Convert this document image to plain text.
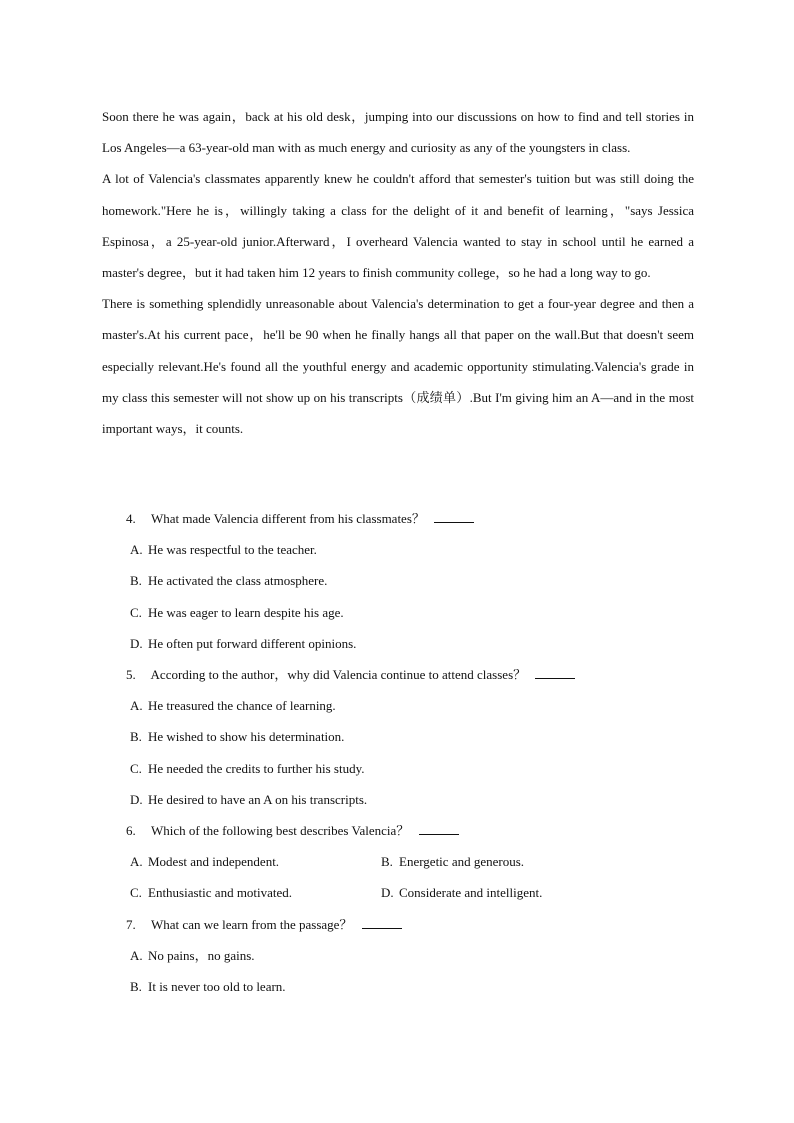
Soon there he was again，back at his old desk，jumping into our discussions on how to find and tell stories in Los Angeles—a 63-year-old man with as much energy and curiosity as any of the youngsters in class.

A lot of Valencia's classmates apparently knew he couldn't afford that semester's tuition but was still doing the homework."Here he is，willingly taking a class for the delight of it and benefit of learning，"says Jessica Espinosa，a 25-year-old junior.Afterward，I overheard Valencia wanted to stay in school until he earned a master's degree，but it had taken him 12 years to finish community college，so he had a long way to go.

There is something splendidly unreasonable about Valencia's determination to get a four-year degree and then a master's.At his current pace，he'll be 90 when he finally hangs all that paper on the wall.But that doesn't seem especially relevant.He's found all the youthful energy and academic opportunity stimulating.Valencia's grade in my class this semester will not show up on his transcripts（成绩单）.But I'm giving him an A—and in the most important ways，it counts.

4. What made Valencia different from his classmates？
A. He was respectful to the teacher.
B. He activated the class atmosphere.
C. He was eager to learn despite his age.
D. He often put forward different opinions.
5. According to the author，why did Valencia continue to attend classes？
A. He treasured the chance of learning.
B. He wished to show his determination.
C. He needed the credits to further his study.
D. He desired to have an A on his transcripts.
6. Which of the following best describes Valencia？
A. Modest and independent.	B. Energetic and generous.
C. Enthusiastic and motivated.	D. Considerate and intelligent.
7. What can we learn from the passage？
A. No pains，no gains.
B. It is never too old to learn.
